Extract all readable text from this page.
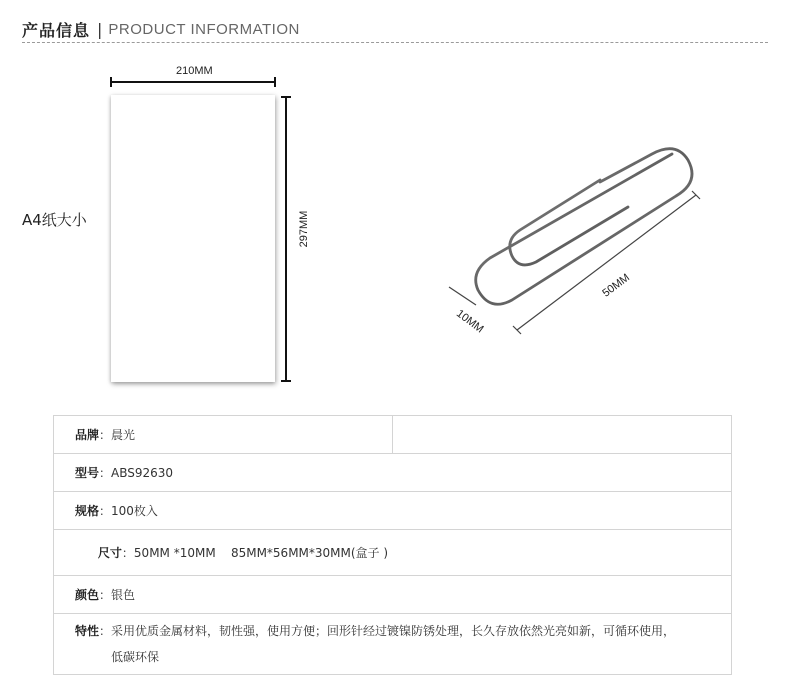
产品信息 | PRODUCT INFORMATION
A4纸大小
210MM
297MM
50MM
10MM
品牌：晨光	
型号：ABS92630
规格：100枚入

尺寸：50MM *10MM    85MM*56MM*30MM(盒子 )

颜色：银色

特性：采用优质金属材料，韧性强，使用方便；回形针经过镀镍防锈处理，长久存放依然光亮如新，可循环使用，
低碳环保
